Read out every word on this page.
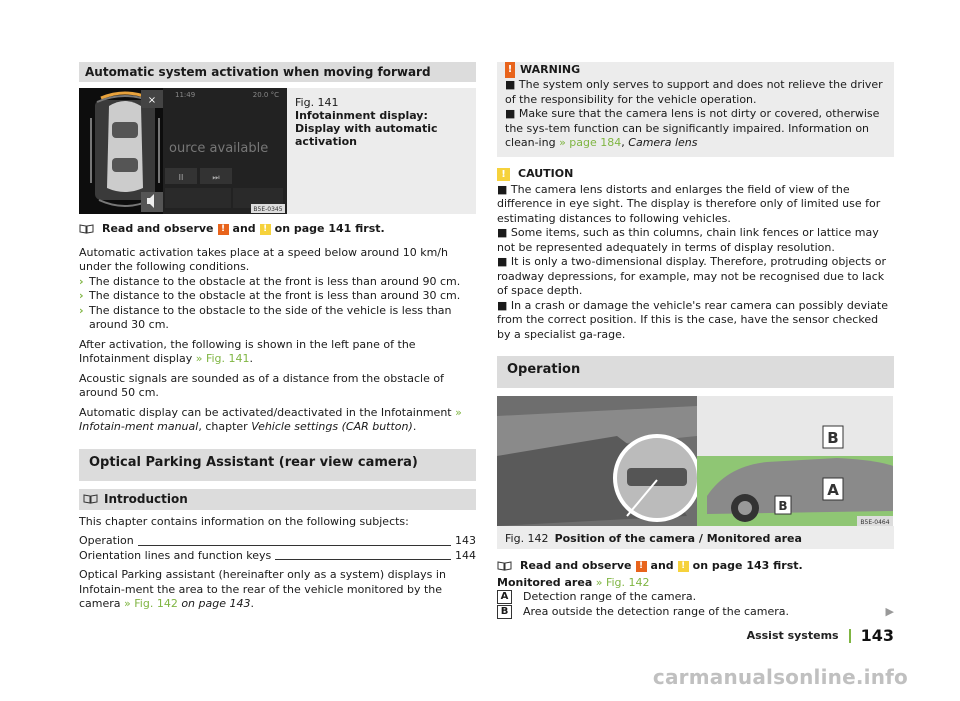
Automatic system activation when moving forward
×	11:49	20.0 °C
ource available
⏭
II
B5E-0345
Fig. 141
Infotainment display: Display with automatic activation
Read and observe ! and ! on page 141 first.
Automatic activation takes place at a speed below around 10 km/h under the following conditions.
› The distance to the obstacle at the front is less than around 90 cm.
› The distance to the obstacle at the front is less than around 30 cm.
› The distance to the obstacle to the side of the vehicle is less than around 30 cm.
After activation, the following is shown in the left pane of the Infotainment display » Fig. 141.
Acoustic signals are sounded as of a distance from the obstacle of around 50 cm.
Automatic display can be activated/deactivated in the Infotainment » Infotain-ment manual, chapter Vehicle settings (CAR button).
Optical Parking Assistant (rear view camera)
Introduction
This chapter contains information on the following subjects:
Operation	143
Orientation lines and function keys	144
Optical Parking assistant (hereinafter only as a system) displays in Infotain-ment the area to the rear of the vehicle monitored by the camera » Fig. 142 on page 143.
! WARNING
■ The system only serves to support and does not relieve the driver of the responsibility for the vehicle operation.
■ Make sure that the camera lens is not dirty or covered, otherwise the sys-tem function can be significantly impaired. Information on clean-ing » page 184, Camera lens
!	CAUTION
■ The camera lens distorts and enlarges the field of view of the difference in eye sight. The display is therefore only of limited use for estimating distances to following vehicles.
■ Some items, such as thin columns, chain link fences or lattice may not be represented adequately in terms of display resolution.
■ It is only a two-dimensional display. Therefore, protruding objects or roadway depressions, for example, may not be recognised due to lack of space depth.
■ In a crash or damage the vehicle's rear camera can possibly deviate from the correct position. If this is the case, have the sensor checked by a specialist ga-rage.
Operation
B
A
B
B5E-0464
Fig. 142 Position of the camera / Monitored area
Read and observe ! and ! on page 143 first.
Monitored area » Fig. 142
A	Detection range of the camera.
B	Area outside the detection range of the camera.	▶
Assist systems 143
carmanualsonline.info
